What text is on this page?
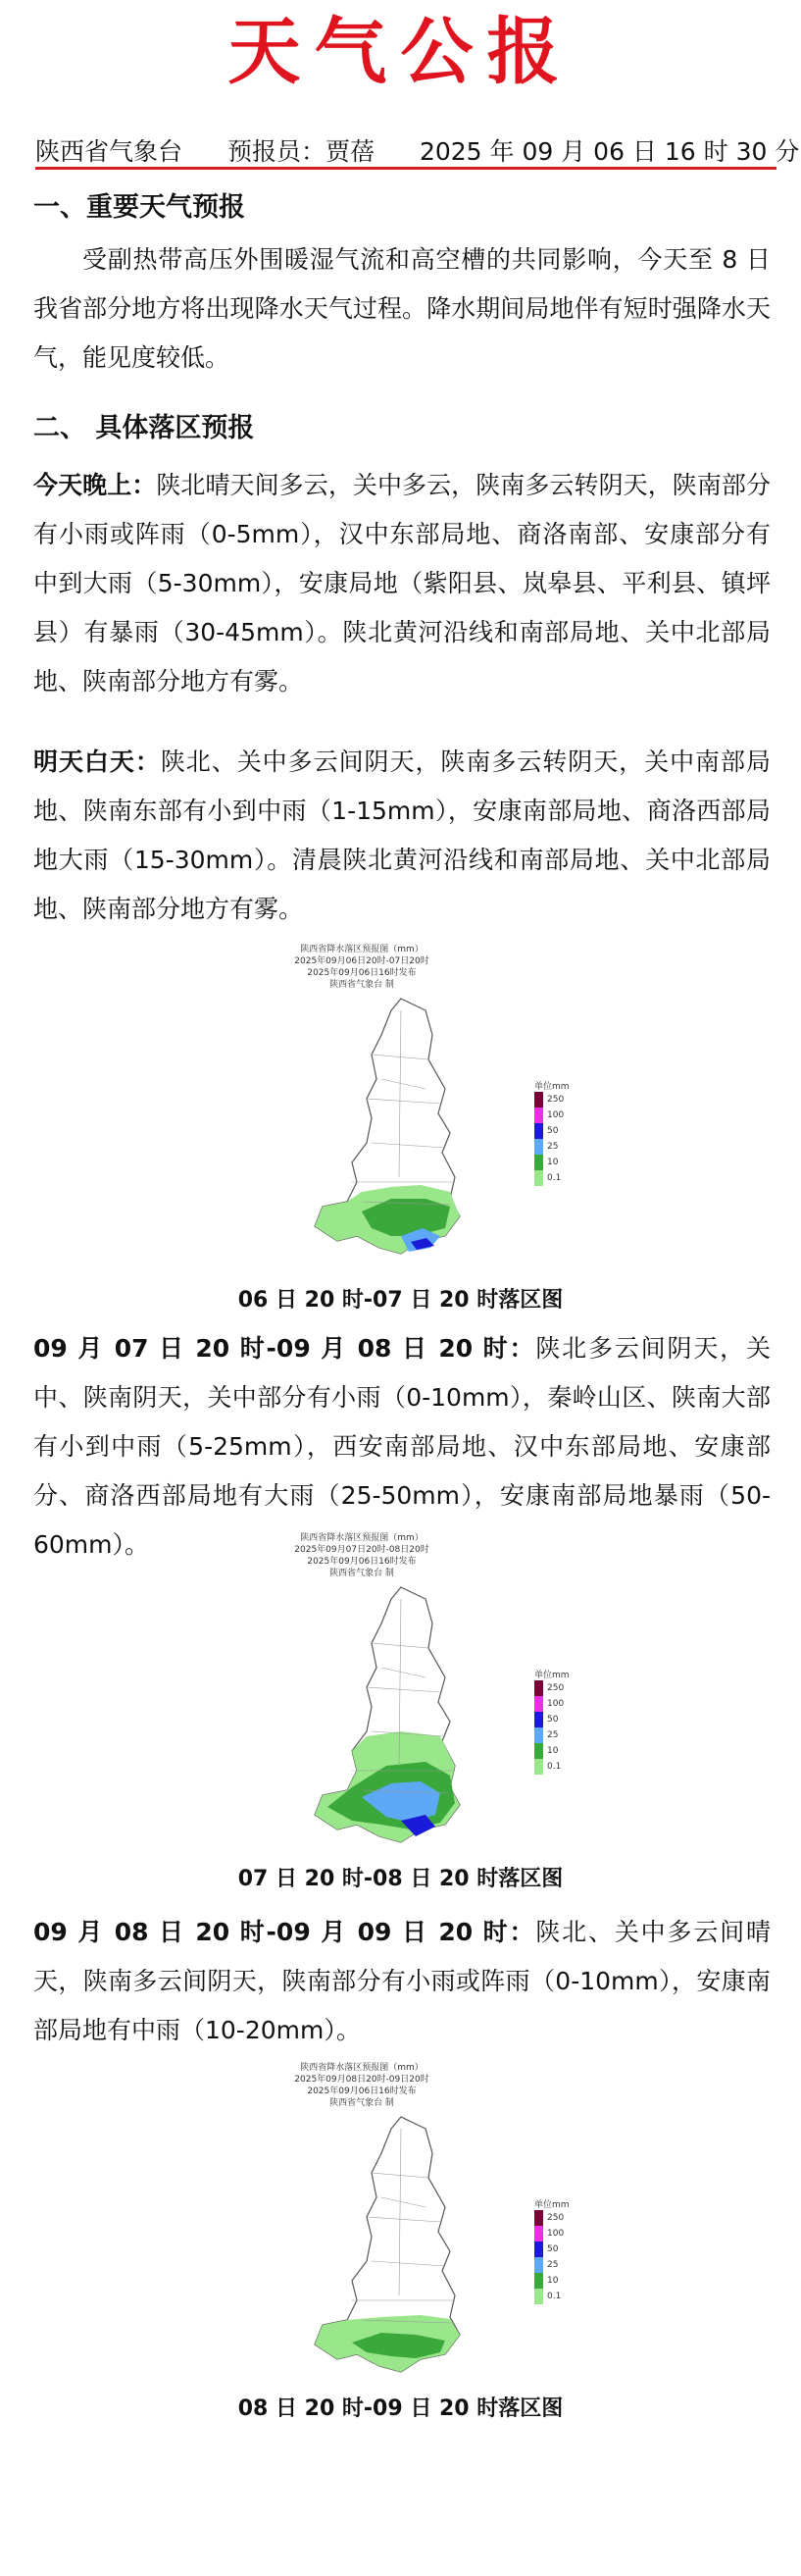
天气公报
陕西省气象台 预报员：贾蓓 2025 年 09 月 06 日 16 时 30 分
一、重要天气预报
受副热带高压外围暖湿气流和高空槽的共同影响，今天至 8 日我省部分地方将出现降水天气过程。降水期间局地伴有短时强降水天气，能见度较低。
二、 具体落区预报
今天晚上：陕北晴天间多云，关中多云，陕南多云转阴天，陕南部分有小雨或阵雨（0-5mm），汉中东部局地、商洛南部、安康部分有中到大雨（5-30mm），安康局地（紫阳县、岚皋县、平利县、镇坪县）有暴雨（30-45mm）。陕北黄河沿线和南部局地、关中北部局地、陕南部分地方有雾。
明天白天：陕北、关中多云间阴天，陕南多云转阴天，关中南部局地、陕南东部有小到中雨（1-15mm），安康南部局地、商洛西部局地大雨（15-30mm）。清晨陕北黄河沿线和南部局地、关中北部局地、陕南部分地方有雾。
陕西省降水落区预报图（mm）
2025年09月06日20时-07日20时
2025年09月06日16时发布
陕西省气象台 制
单位mm
250
100
50
25
10
0.1
06 日 20 时-07 日 20 时落区图
09 月 07 日 20 时-09 月 08 日 20 时：陕北多云间阴天，关中、陕南阴天，关中部分有小雨（0-10mm），秦岭山区、陕南大部有小到中雨（5-25mm），西安南部局地、汉中东部局地、安康部分、商洛西部局地有大雨（25-50mm），安康南部局地暴雨（50-60mm）。	陕西省降水落区预报图（mm）
2025年09月07日20时-08日20时
2025年09月06日16时发布
陕西省气象台 制
单位mm
250
100
50
25
10
0.1
07 日 20 时-08 日 20 时落区图
09 月 08 日 20 时-09 月 09 日 20 时：陕北、关中多云间晴天，陕南多云间阴天，陕南部分有小雨或阵雨（0-10mm），安康南部局地有中雨（10-20mm）。
陕西省降水落区预报图（mm）
2025年09月08日20时-09日20时
2025年09月06日16时发布
陕西省气象台 制
单位mm
250
100
50
25
10
0.1
08 日 20 时-09 日 20 时落区图
